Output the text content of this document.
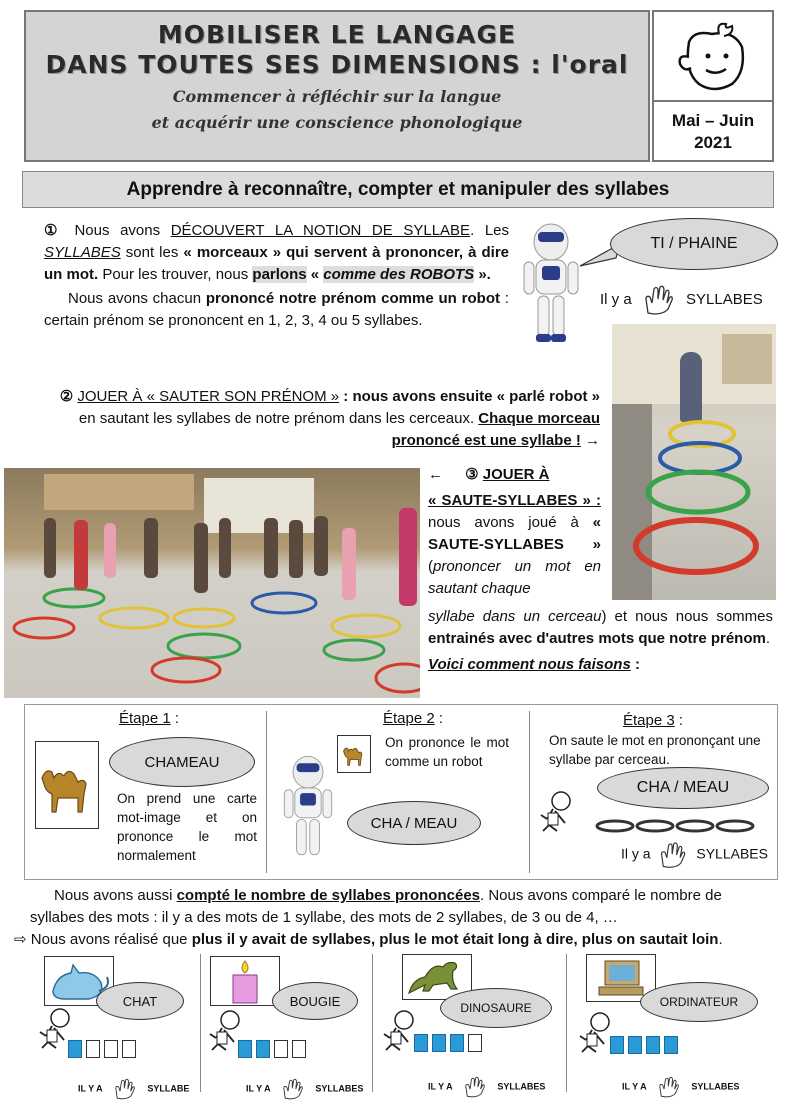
MOBILISER LE LANGAGE
DANS TOUTES SES DIMENSIONS : l'oral
Commencer à réfléchir sur la langue
et acquérir une conscience phonologique	Mai – Juin
2021
Apprendre à reconnaître, compter et manipuler des syllabes
① Nous avons DÉCOUVERT LA NOTION DE SYLLABE. Les SYLLABES sont les « morceaux » qui servent à prononcer, à dire un mot. Pour les trouver, nous parlons « comme des ROBOTS ».
Nous avons chacun prononcé notre prénom comme un robot : certain prénom se prononcent en 1, 2, 3, 4 ou 5 syllabes.
TI / PHAINE
Il y a	SYLLABES
② JOUER À « SAUTER SON PRÉNOM » : nous avons ensuite « parlé robot » en sautant les syllabes de notre prénom dans les cerceaux. Chaque morceau prononcé est une syllabe ! →
← ③ JOUER À
« SAUTE-SYLLABES » : nous avons joué à « SAUTE-SYLLABES » (prononcer un mot en sautant chaque
syllabe dans un cerceau) et nous nous sommes entrainés avec d'autres mots que notre prénom.
Voici comment nous faisons :
Étape 1 :
CHAMEAU
On prend une carte mot-image et on prononce le mot normalement
Étape 2 :
On prononce le mot comme un robot
CHA / MEAU
Étape 3 :
On saute le mot en prononçant une syllabe par cerceau.
CHA / MEAU
Il y a	SYLLABES
Nous avons aussi compté le nombre de syllabes prononcées. Nous avons comparé le nombre de syllabes des mots : il y a des mots de 1 syllabe, des mots de 2 syllabes, de 3 ou de 4, …
⇨ Nous avons réalisé que plus il y avait de syllabes, plus le mot était long à dire, plus on sautait loin.
CHAT
IL Y A	SYLLABE
BOUGIE
IL Y A	SYLLABES
DINOSAURE
IL Y A	SYLLABES
ORDINATEUR
IL Y A	SYLLABES
